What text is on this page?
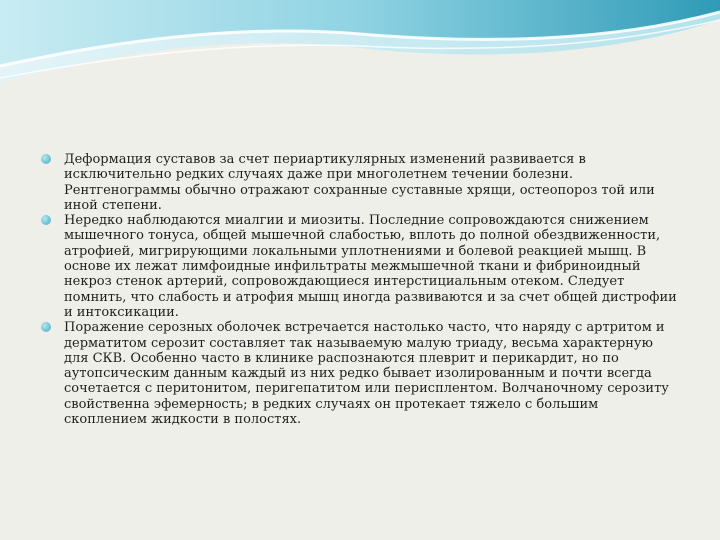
Деформация суставов за счет периартикулярных изменений развивается в исключительно редких случаях даже при многолетнем течении болезни. Рентгенограммы обычно отражают сохранные суставные хрящи, остеопороз той или иной степени.
Нередко наблюдаются миалгии и миозиты. Последние сопровождаются снижением мышечного тонуса, общей мышечной слабостью, вплоть до полной обездвиженности, атрофией, мигрирующими локальными уплотнениями и болевой реакцией мышц. В основе их лежат лимфоидные инфильтраты межмышечной ткани и фибриноидный некроз стенок артерий, сопровождающиеся интерстициальным отеком. Следует помнить, что слабость и атрофия мышц иногда развиваются и за счет общей дистрофии и интоксикации.
Поражение серозных оболочек встречается настолько часто, что наряду с артритом и дерматитом серозит составляет так называемую малую триаду, весьма характерную для СКВ. Особенно часто в клинике распознаются плеврит и перикардит, но по аутопсическим данным каждый из них редко бывает изолированным и почти всегда сочетается с перитонитом, перигепатитом или перисплентом. Волчаночному серозиту свойственна эфемерность; в редких случаях он протекает тяжело с большим скоплением жидкости в полостях.
